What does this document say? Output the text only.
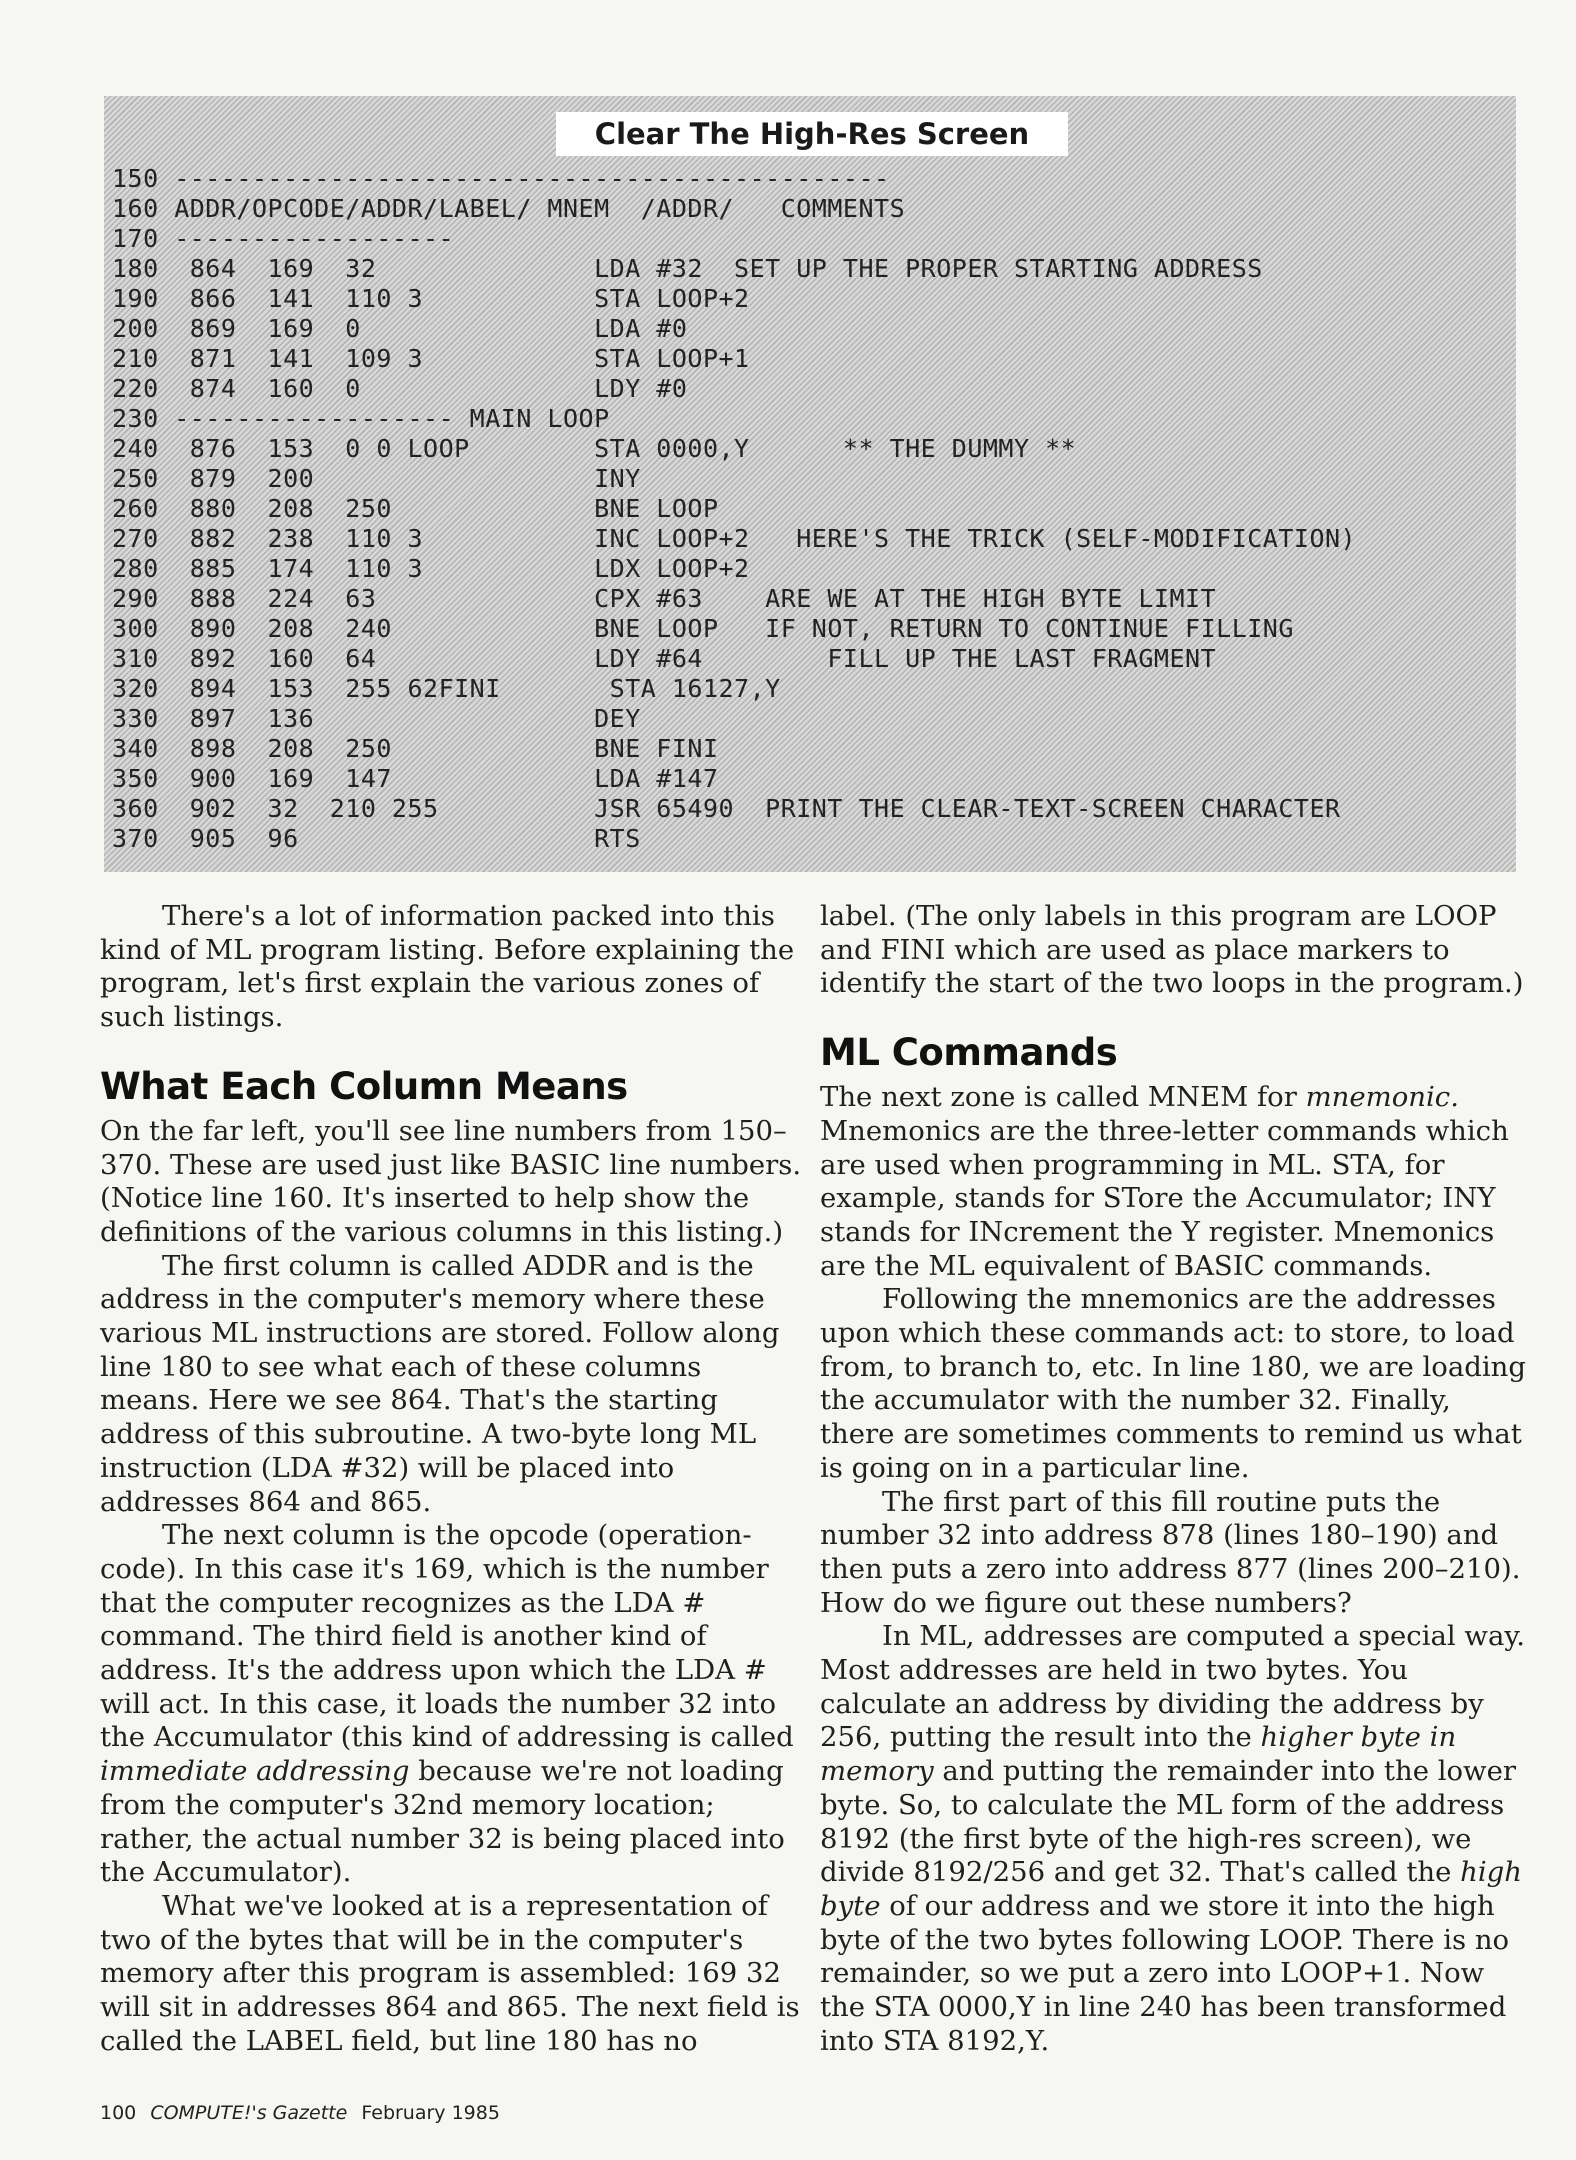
Clear The High-Res Screen
150 ----------------------------------------------
160 ADDR/OPCODE/ADDR/LABEL/ MNEM  /ADDR/   COMMENTS
170 ------------------
180  864  169  32              LDA #32  SET UP THE PROPER STARTING ADDRESS
190  866  141  110 3           STA LOOP+2
200  869  169  0               LDA #0
210  871  141  109 3           STA LOOP+1
220  874  160  0               LDY #0
230 ------------------ MAIN LOOP
240  876  153  0 0 LOOP        STA 0000,Y      ** THE DUMMY **
250  879  200                  INY
260  880  208  250             BNE LOOP
270  882  238  110 3           INC LOOP+2   HERE'S THE TRICK (SELF-MODIFICATION)
280  885  174  110 3           LDX LOOP+2
290  888  224  63              CPX #63    ARE WE AT THE HIGH BYTE LIMIT
300  890  208  240             BNE LOOP   IF NOT, RETURN TO CONTINUE FILLING
310  892  160  64              LDY #64        FILL UP THE LAST FRAGMENT
320  894  153  255 62FINI       STA 16127,Y
330  897  136                  DEY
340  898  208  250             BNE FINI
350  900  169  147             LDA #147
360  902  32  210 255          JSR 65490  PRINT THE CLEAR-TEXT-SCREEN CHARACTER
370  905  96                   RTS

There's a lot of information packed into this kind of ML program listing. Before explaining the program, let's first explain the various zones of such listings.

What Each Column Means

On the far left, you'll see line numbers from 150–370. These are used just like BASIC line numbers. (Notice line 160. It's inserted to help show the definitions of the various columns in this listing.)

The first column is called ADDR and is the address in the computer's memory where these various ML instructions are stored. Follow along line 180 to see what each of these columns means. Here we see 864. That's the starting address of this subroutine. A two-byte long ML instruction (LDA #32) will be placed into addresses 864 and 865.

The next column is the opcode (operation-code). In this case it's 169, which is the number that the computer recognizes as the LDA # command. The third field is another kind of address. It's the address upon which the LDA # will act. In this case, it loads the number 32 into the Accumulator (this kind of addressing is called immediate addressing because we're not loading from the computer's 32nd memory location; rather, the actual number 32 is being placed into the Accumulator).

What we've looked at is a representation of two of the bytes that will be in the computer's memory after this program is assembled: 169 32 will sit in addresses 864 and 865. The next field is called the LABEL field, but line 180 has no

label. (The only labels in this program are LOOP and FINI which are used as place markers to identify the start of the two loops in the program.)

ML Commands

The next zone is called MNEM for mnemonic. Mnemonics are the three-letter commands which are used when programming in ML. STA, for example, stands for STore the Accumulator; INY stands for INcrement the Y register. Mnemonics are the ML equivalent of BASIC commands.

Following the mnemonics are the addresses upon which these commands act: to store, to load from, to branch to, etc. In line 180, we are loading the accumulator with the number 32. Finally, there are sometimes comments to remind us what is going on in a particular line.

The first part of this fill routine puts the number 32 into address 878 (lines 180–190) and then puts a zero into address 877 (lines 200–210). How do we figure out these numbers?

In ML, addresses are computed a special way. Most addresses are held in two bytes. You calculate an address by dividing the address by 256, putting the result into the higher byte in memory and putting the remainder into the lower byte. So, to calculate the ML form of the address 8192 (the first byte of the high-res screen), we divide 8192/256 and get 32. That's called the high byte of our address and we store it into the high byte of the two bytes following LOOP. There is no remainder, so we put a zero into LOOP+1. Now the STA 0000,Y in line 240 has been transformed into STA 8192,Y.

100 COMPUTE!'s Gazette February 1985
